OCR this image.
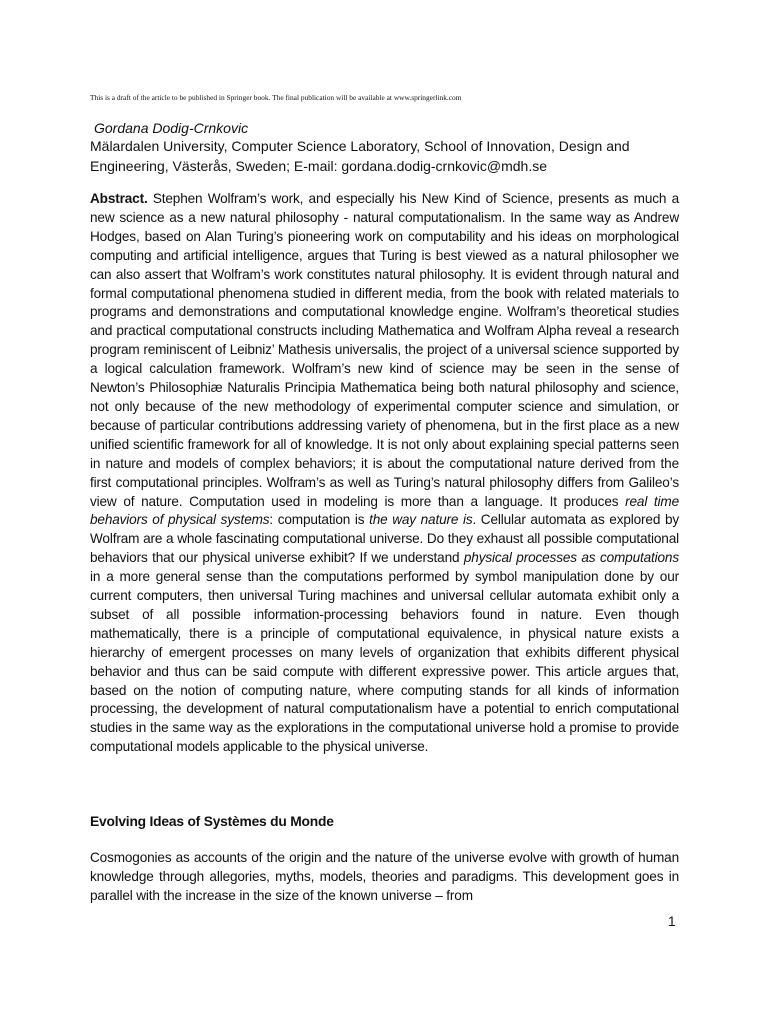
This is a draft of the article to be published in Springer book. The final publication will be available at www.springerlink.com
Gordana Dodig-Crnkovic
Mälardalen University, Computer Science Laboratory, School of Innovation, Design and Engineering, Västerås, Sweden; E-mail: gordana.dodig-crnkovic@mdh.se
Abstract. Stephen Wolfram’s work, and especially his New Kind of Science, presents as much a new science as a new natural philosophy - natural computationalism. In the same way as Andrew Hodges, based on Alan Turing’s pioneering work on computability and his ideas on morphological computing and artificial intelligence, argues that Turing is best viewed as a natural philosopher we can also assert that Wolfram’s work constitutes natural philosophy. It is evident through natural and formal computational phenomena studied in different media, from the book with related materials to programs and demonstrations and computational knowledge engine. Wolfram’s theoretical studies and practical computational constructs including Mathematica and Wolfram Alpha reveal a research program reminiscent of Leibniz’ Mathesis universalis, the project of a universal science supported by a logical calculation framework. Wolfram’s new kind of science may be seen in the sense of Newton’s Philosophiæ Naturalis Principia Mathematica being both natural philosophy and science, not only because of the new methodology of experimental computer science and simulation, or because of particular contributions addressing variety of phenomena, but in the first place as a new unified scientific framework for all of knowledge. It is not only about explaining special patterns seen in nature and models of complex behaviors; it is about the computational nature derived from the first computational principles. Wolfram’s as well as Turing’s natural philosophy differs from Galileo’s view of nature. Computation used in modeling is more than a language. It produces real time behaviors of physical systems: computation is the way nature is. Cellular automata as explored by Wolfram are a whole fascinating computational universe. Do they exhaust all possible computational behaviors that our physical universe exhibit? If we understand physical processes as computations in a more general sense than the computations performed by symbol manipulation done by our current computers, then universal Turing machines and universal cellular automata exhibit only a subset of all possible information-processing behaviors found in nature. Even though mathematically, there is a principle of computational equivalence, in physical nature exists a hierarchy of emergent processes on many levels of organization that exhibits different physical behavior and thus can be said compute with different expressive power. This article argues that, based on the notion of computing nature, where computing stands for all kinds of information processing, the development of natural computationalism have a potential to enrich computational studies in the same way as the explorations in the computational universe hold a promise to provide computational models applicable to the physical universe.
Evolving Ideas of Systèmes du Monde
Cosmogonies as accounts of the origin and the nature of the universe evolve with growth of human knowledge through allegories, myths, models, theories and paradigms. This development goes in parallel with the increase in the size of the known universe – from
1
